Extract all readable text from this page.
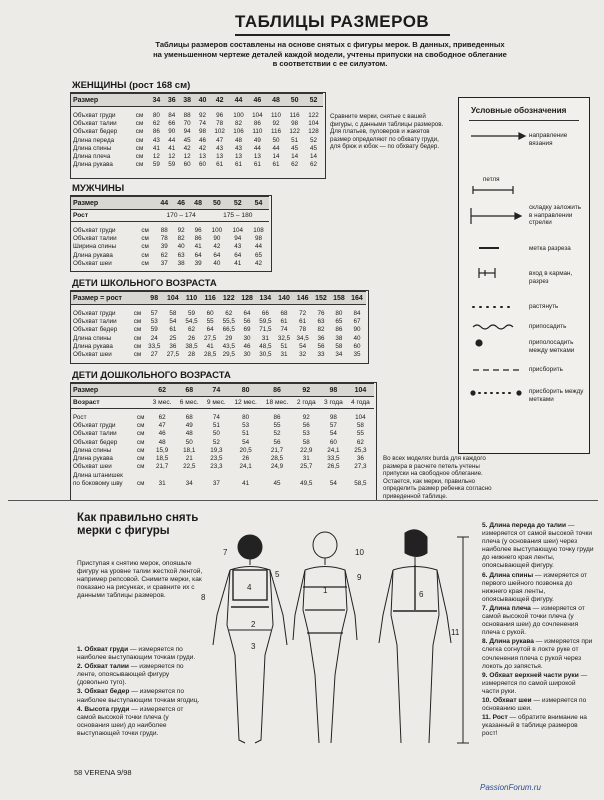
ТАБЛИЦЫ РАЗМЕРОВ
Таблицы размеров составлены на основе снятых с фигуры мерок. В данных, приведенных на уменьшенном чертеже деталей каждой модели, учтены припуски на свободное облегание в соответствии с ее силуэтом.
ЖЕНЩИНЫ (рост 168 см)
Размер		34	36	38	40	42	44	46	48	50	52

Объхват груди	см	80	84	88	92	96	100	104	110	116	122
Объхват талии	см	62	66	70	74	78	82	86	92	98	104
Объхват бедер	см	86	90	94	98	102	106	110	116	122	128
Длина переда	см	43	44	45	46	47	48	49	50	51	52
Длина спины	см	41	41	42	42	43	43	44	44	45	45
Длина плеча	см	12	12	12	13	13	13	13	14	14	14
Длина рукава	см	59	59	60	60	61	61	61	61	62	62
Сравните мерки, снятые с вашей фигуры, с данными таблицы размеров. Для платьев, пуловеров и жакетов размер определяют по обхвату груди, для брюк и юбок — по обхвату бедер.
МУЖЧИНЫ
Размер		44	46	48	50	52	54
Рост		170 – 174			175 – 180		

Объхват груди	см	88	92	96	100	104	108
Объхват талии	см	78	82	86	90	94	98
Ширина спины	см	39	40	41	42	43	44
Длина рукава	см	62	63	64	64	64	65
Объхват шеи	см	37	38	39	40	41	42
ДЕТИ ШКОЛЬНОГО ВОЗРАСТА
Размер = рост		98	104	110	116	122	128	134	140	146	152	158	164

Объхват груди	см	57	58	59	60	62	64	66	68	72	76	80	84
Объхват талии	см	53	54	54,5	55	55,5	56	59,5	61	61	63	65	67
Объхват бедер	см	59	61	62	64	66,5	69	71,5	74	78	82	86	90
Длина спины	см	24	25	26	27,5	29	30	31	32,5	34,5	36	38	40
Длина рукава	см	33,5	36	38,5	41	43,5	46	48,5	51	54	56	58	60
Объхват шеи	см	27	27,5	28	28,5	29,5	30	30,5	31	32	33	34	35
ДЕТИ ДОШКОЛЬНОГО ВОЗРАСТА
Размер		62	68	74	80	86	92	98	104
Возраст		3 мес.	6 мес.	9 мес.	12 мес.	18 мес.	2 года	3 года	4 года

Рост	см	62	68	74	80	86	92	98	104
Объхват груди	см	47	49	51	53	55	56	57	58
Объхват талии	см	46	48	50	51	52	53	54	55
Объхват бедер	см	48	50	52	54	56	58	60	62
Длина спины	см	15,9	18,1	19,3	20,5	21,7	22,9	24,1	25,3
Длина рукава	см	18,5	21	23,5	26	28,5	31	33,5	36
Объхват шеи	см	21,7	22,5	23,3	24,1	24,9	25,7	26,5	27,3
Длина штанишек									
по боковому шву	см	31	34	37	41	45	49,5	54	58,5
Во всех моделях burda для каждого размера в расчете петель учтены припуски на свободное облегание. Остается, как мерки, правильно определить размер ребенка согласно приведенной таблице.
Условные обозначения
направление вязания
петля
складку заложить в направлении стрелки
метка разреза
вход в карман, разрез
растянуть
припосадить
приполосадить между метками
присборить
присборить между метками
Как правильно снять мерки с фигуры
Приступая к снятию мерок, опояшьте фигуру на уровне талии жесткой лентой, например репсовой. Снимите мерки, как показано на рисунках, и сравните их с данными таблицы размеров.
1. Обхват груди — измеряется по наиболее выступающим точкам груди.
2. Обхват талии — измеряется по ленте, опоясывающей фигуру (довольно туго).
3. Обхват бедер — измеряется по наиболее выступающим точкам ягодиц.
4. Высота груди — измеряется от самой высокой точки плеча (у основания шеи) до наиболее выступающей точки груди.
5. Длина переда до талии — измеряется от самой высокой точки плеча (у основания шеи) через наиболее выступающую точку груди до нижнего края ленты, опоясывающей фигуру.
6. Длина спины — измеряется от первого шейного позвонка до нижнего края ленты, опоясывающей фигуру.
7. Длина плеча — измеряется от самой высокой точки плеча (у основания шеи) до сочленения плеча с рукой.
8. Длина рукава — измеряется при слегка согнутой в локте руке от сочленения плеча с рукой через локоть до запястья.
9. Обхват верхней части руки — измеряется по самой широкой части руки.
10. Обхват шеи — измеряется по основанию шеи.
11. Рост — обратите внимание на указанный в таблице размеров рост!
7
5
4
8
2
3
10
1
9
6
11
58 VERENA 9/98
PassionForum.ru
